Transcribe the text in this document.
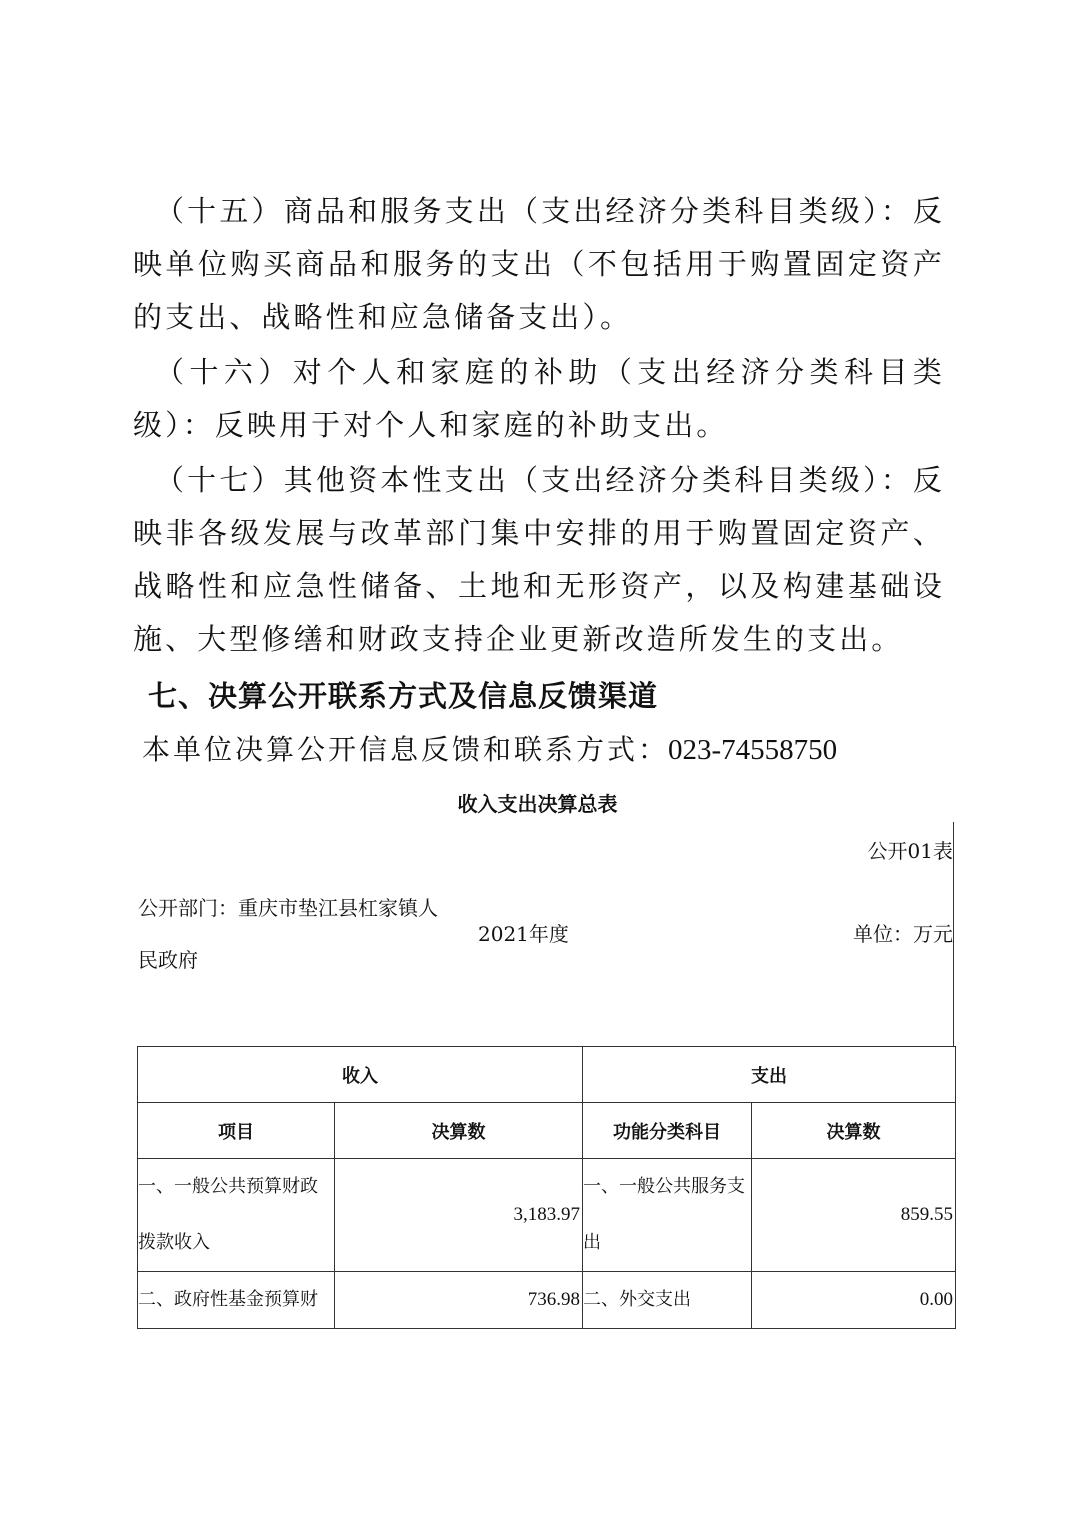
（十五）商品和服务支出（支出经济分类科目类级）：反映单位购买商品和服务的支出（不包括用于购置固定资产的支出、战略性和应急储备支出）。

（十六）对个人和家庭的补助（支出经济分类科目类级）：反映用于对个人和家庭的补助支出。

（十七）其他资本性支出（支出经济分类科目类级）：反映非各级发展与改革部门集中安排的用于购置固定资产、战略性和应急性储备、土地和无形资产，以及构建基础设施、大型修缮和财政支持企业更新改造所发生的支出。

七、决算公开联系方式及信息反馈渠道
本单位决算公开信息反馈和联系方式：
023-74558750
收入支出决算总表
公开01表
公开部门：重庆市垫江县杠家镇人
民政府
2021年度	单位：万元
收入		支出	
项目	决算数	功能分类科目	决算数
一、一般公共预算财政拨款收入	3,183.97	一、一般公共服务支出	859.55
二、政府性基金预算财	736.98	二、外交支出	0.00
